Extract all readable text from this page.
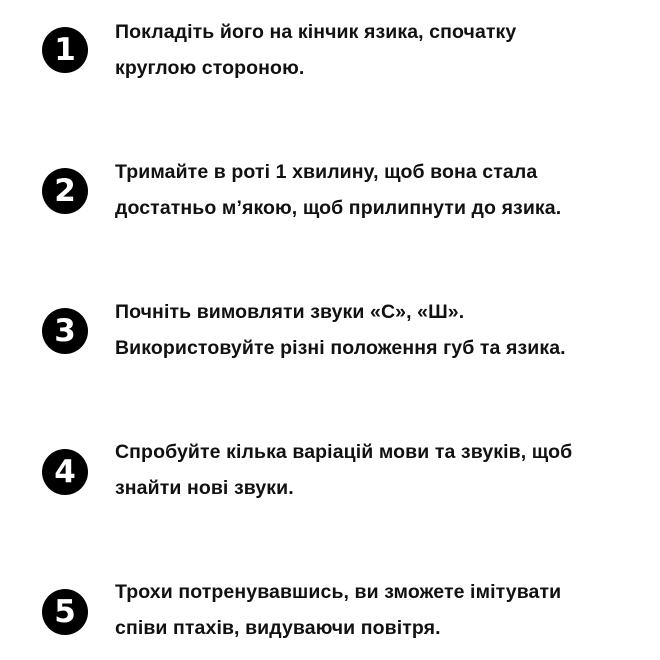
1	Покладіть його на кінчик язика, спочатку
круглою стороною.

2

Тримайте в роті 1 хвилину, щоб вона стала
достатньо м’якою, щоб прилипнути до язика.

3

Почніть вимовляти звуки «С», «Ш».
Використовуйте різні положення губ та язика.

4

Спробуйте кілька варіацій мови та звуків, щоб
знайти нові звуки.

5

Трохи потренувавшись, ви зможете імітувати
співи птахів, видуваючи повітря.
